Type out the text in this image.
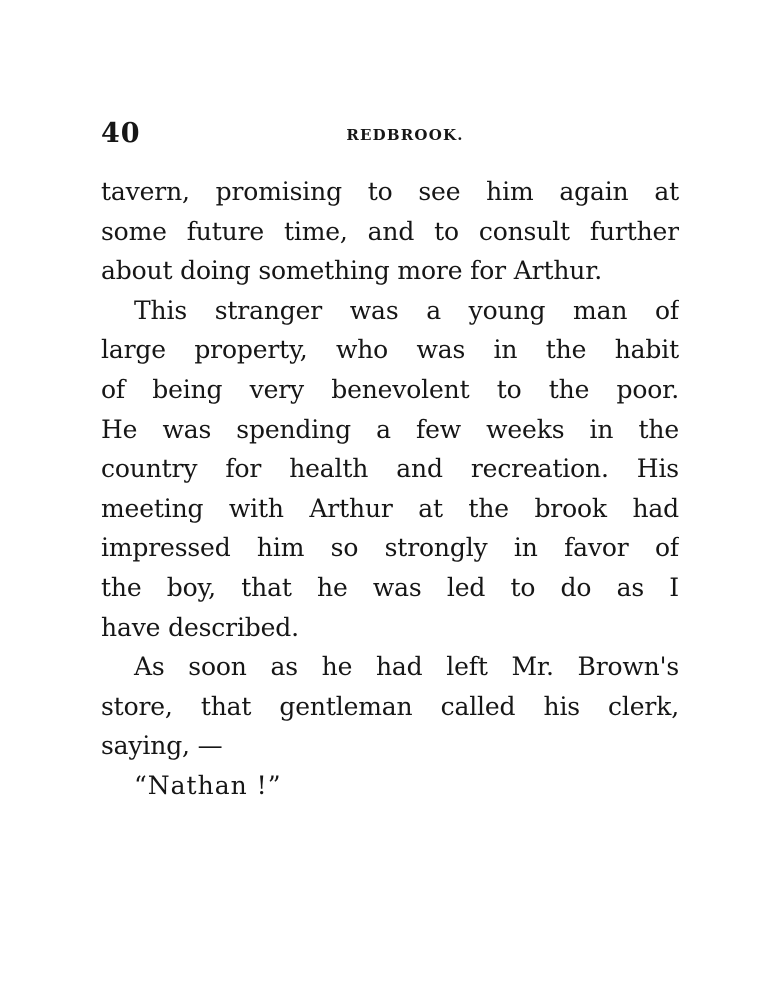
40	REDBROOK.
tavern, promising to see him again at
some future time, and to consult further
about doing something more for Arthur.
This stranger was a young man of
large property, who was in the habit
of being very benevolent to the poor.
He was spending a few weeks in the
country for health and recreation. His
meeting with Arthur at the brook had
impressed him so strongly in favor of
the boy, that he was led to do as I
have described.
As soon as he had left Mr. Brown's
store, that gentleman called his clerk,
saying, —
“Nathan !”
